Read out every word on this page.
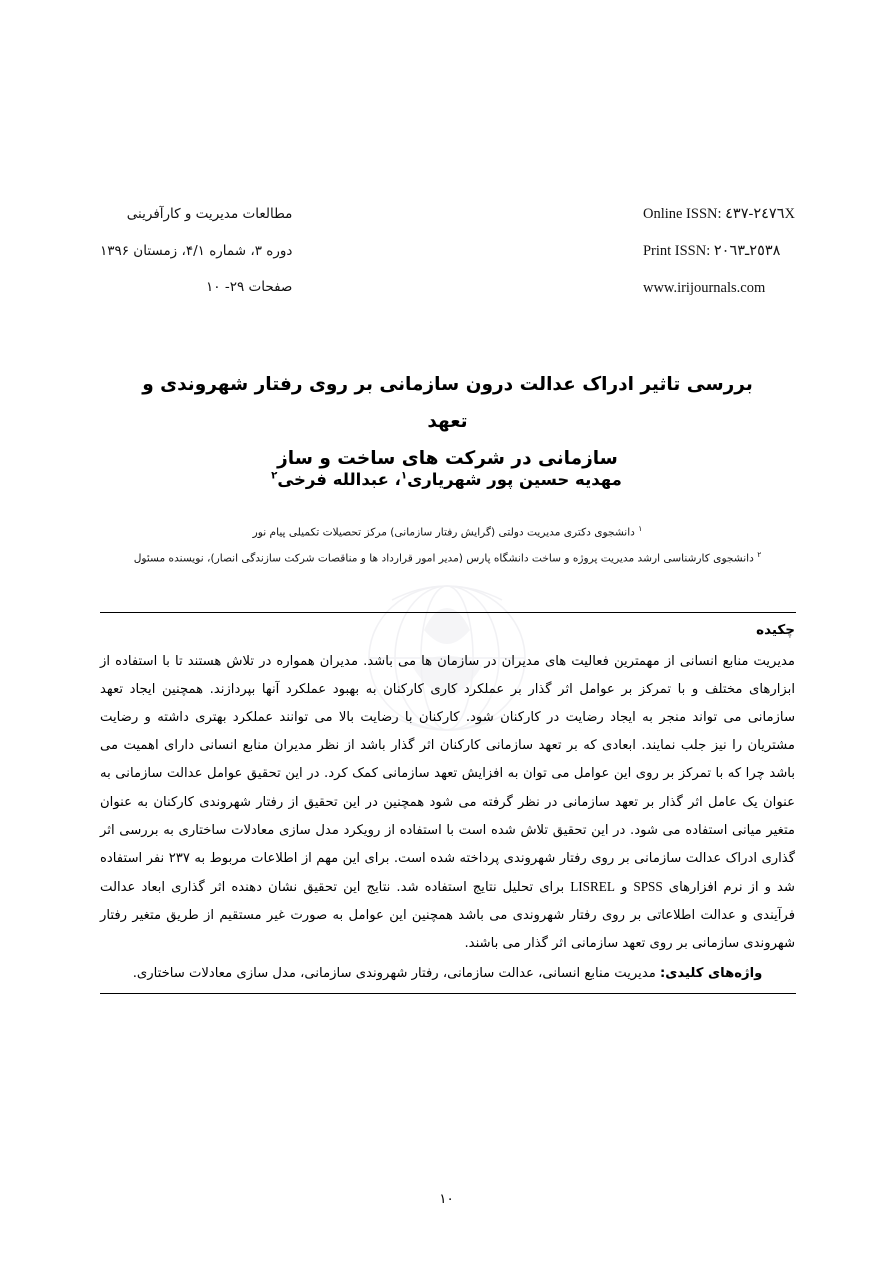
مطالعات مدیریت و کارآفرینی
دوره ۳، شماره ۴/۱، زمستان ۱۳۹۶
صفحات ۲۹- ۱۰
Online ISSN: ٢٤٧٦-٤٣٧X
Print ISSN: ٢٥٣٨ـ٢٠٦٣
www.irijournals.com
بررسی تاثیر ادراک عدالت درون سازمانی بر روی رفتار شهروندی و تعهد
سازمانی در شرکت های ساخت و ساز
مهدیه حسین پور شهریاری$^۱$، عبدالله فرخی$^۲$
$^۱$ دانشجوی دکتری مدیریت دولتی (گرایش رفتار سازمانی) مرکز تحصیلات تکمیلی پیام نور
$^۲$ دانشجوی کارشناسی ارشد مدیریت پروژه و ساخت دانشگاه پارس (مدیر امور قرارداد ها و مناقصات شرکت سازندگی انصار)، نویسنده مسئول
چکیده
مدیریت منابع انسانی از مهمترین فعالیت های مدیران در سازمان ها می باشد. مدیران همواره در تلاش هستند تا با استفاده از ابزارهای مختلف و با تمرکز بر عوامل اثر گذار بر عملکرد کاری کارکنان به بهبود عملکرد آنها بپردازند. همچنین ایجاد تعهد سازمانی می تواند منجر به ایجاد رضایت در کارکنان شود. کارکنان با رضایت بالا می توانند عملکرد بهتری داشته و رضایت مشتریان را نیز جلب نمایند. ابعادی که بر تعهد سازمانی کارکنان اثر گذار باشد از نظر مدیران منابع انسانی دارای اهمیت می باشد چرا که با تمرکز بر روی این عوامل می توان به افزایش تعهد سازمانی کمک کرد. در این تحقیق عوامل عدالت سازمانی به عنوان یک عامل اثر گذار بر تعهد سازمانی در نظر گرفته می شود همچنین در این تحقیق از رفتار شهروندی کارکنان به عنوان متغیر میانی استفاده می شود. در این تحقیق تلاش شده است با استفاده از رویکرد مدل سازی معادلات ساختاری به بررسی اثر گذاری ادراک عدالت سازمانی بر روی رفتار شهروندی پرداخته شده است. برای این مهم از اطلاعات مربوط به ۲۳۷ نفر استفاده شد و از نرم افزارهای SPSS و LISREL برای تحلیل نتایج استفاده شد. نتایج این تحقیق نشان دهنده اثر گذاری ابعاد عدالت فرآیندی و عدالت اطلاعاتی بر روی رفتار شهروندی می باشد همچنین این عوامل به صورت غیر مستقیم از طریق متغیر رفتار شهروندی سازمانی بر روی تعهد سازمانی اثر گذار می باشند.
واژه‌های کلیدی: مدیریت منابع انسانی، عدالت سازمانی، رفتار شهروندی سازمانی، مدل سازی معادلات ساختاری.
۱۰
